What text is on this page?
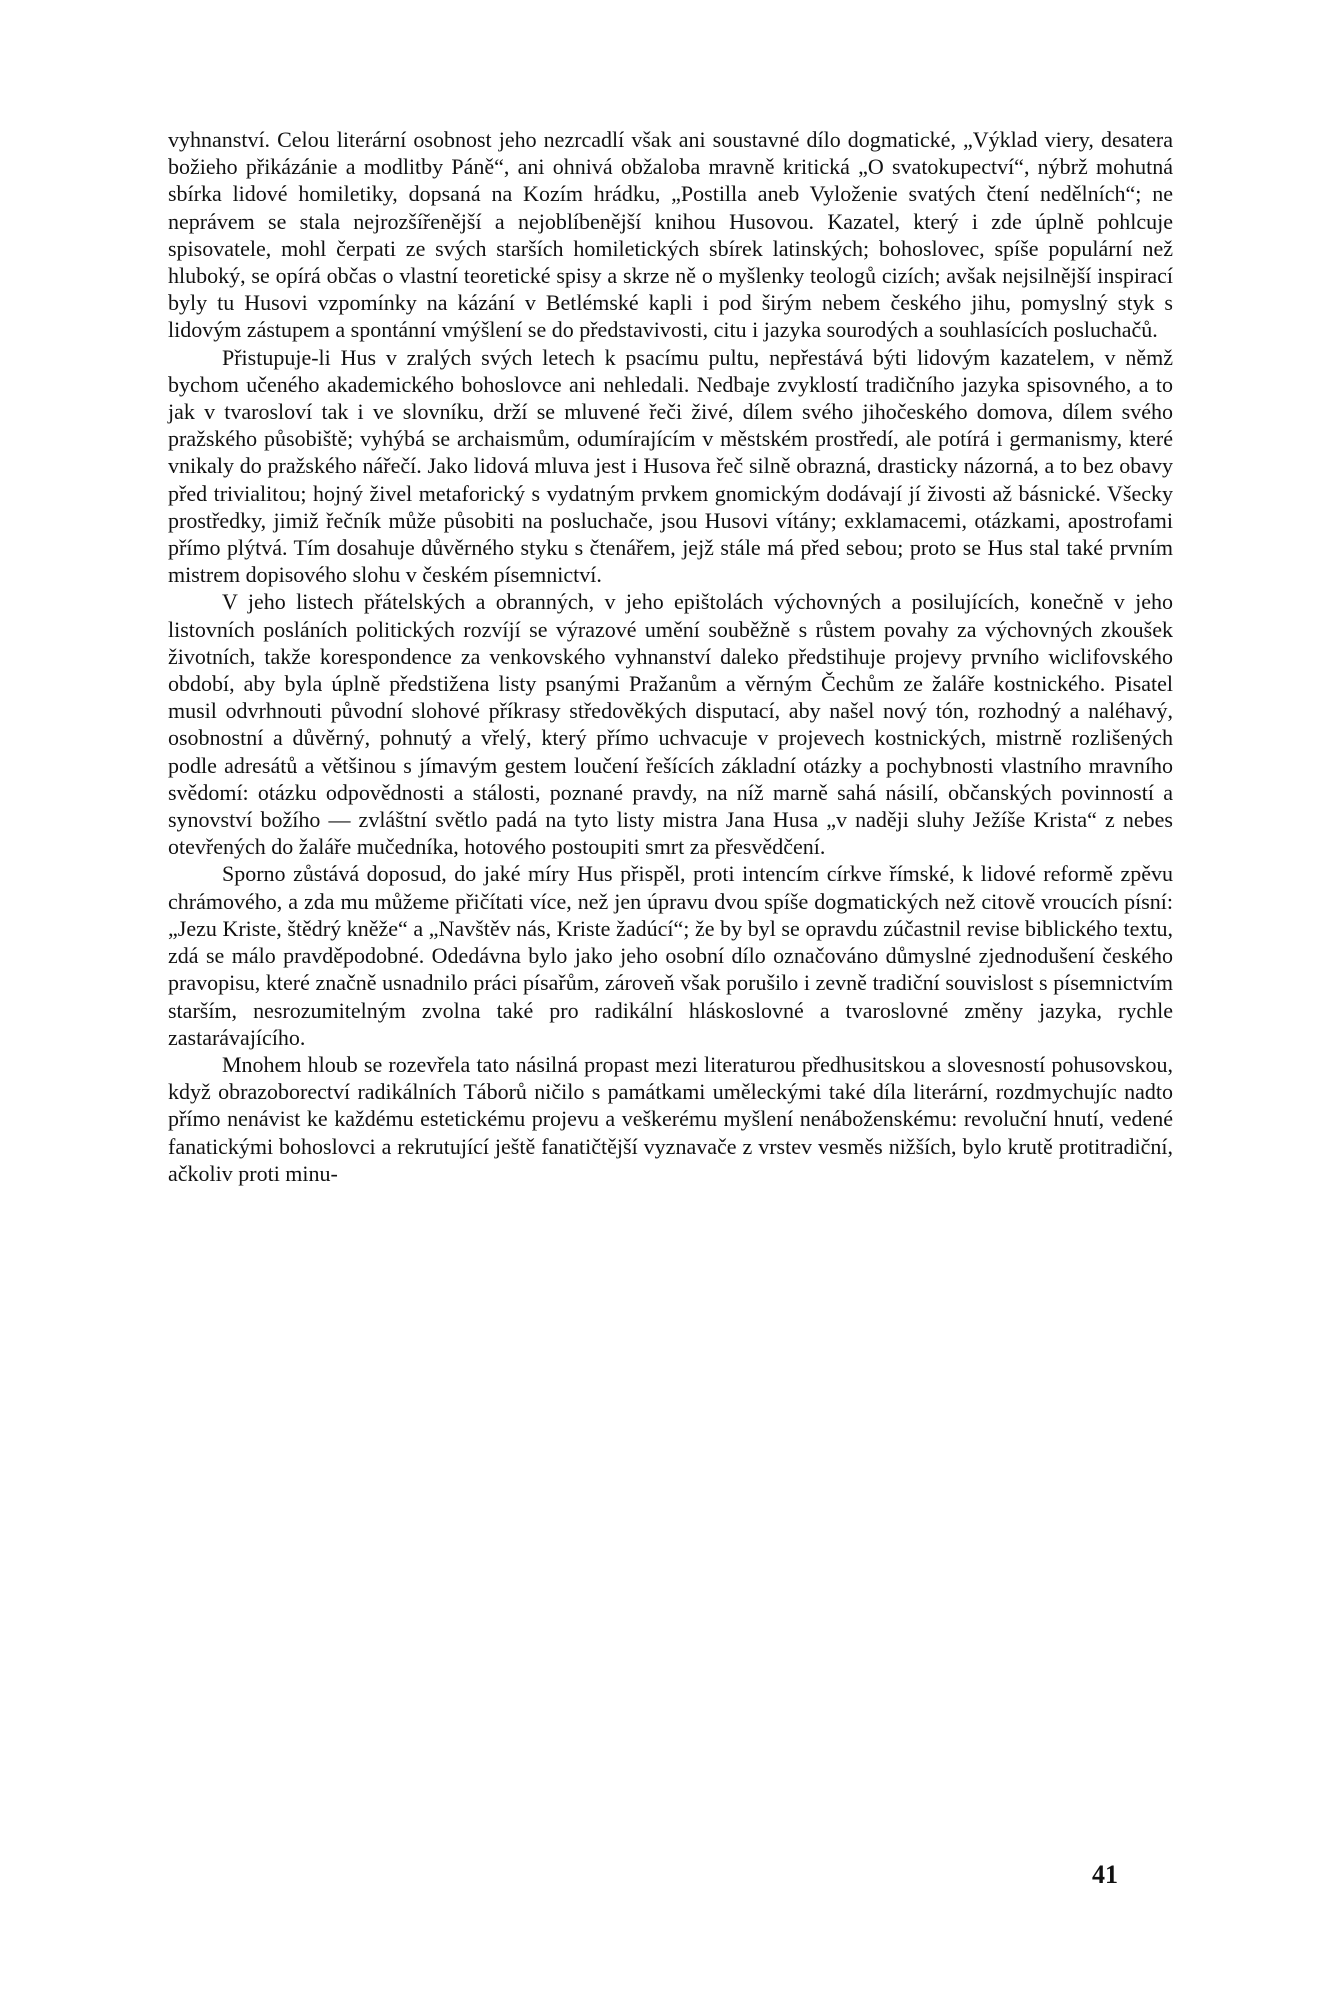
vyhnanství. Celou literární osobnost jeho nezrcadlí však ani soustavné dílo dogmatické, „Výklad viery, desatera božieho přikázánie a modlitby Páně“, ani ohnivá obžaloba mravně kritická „O svatokupectví“, nýbrž mohutná sbírka lidové homiletiky, dopsaná na Kozím hrádku, „Postilla aneb Vyloženie svatých čtení nedělních“; ne neprávem se stala nejrozšířenější a nejoblíbenější knihou Husovou. Kazatel, který i zde úplně pohlcuje spisovatele, mohl čerpati ze svých starších homiletických sbírek latinských; bohoslovec, spíše populární než hluboký, se opírá občas o vlastní teoretické spisy a skrze ně o myšlenky teologů cizích; avšak nejsilnější inspirací byly tu Husovi vzpomínky na kázání v Betlémské kapli i pod širým nebem českého jihu, pomyslný styk s lidovým zástupem a spontánní vmýšlení se do představivosti, citu i jazyka sourodých a souhlasících posluchačů.

Přistupuje-li Hus v zralých svých letech k psacímu pultu, nepřestává býti lidovým kazatelem, v němž bychom učeného akademického bohoslovce ani nehledali. Nedbaje zvyklostí tradičního jazyka spisovného, a to jak v tvarosloví tak i ve slovníku, drží se mluvené řeči živé, dílem svého jihočeského domova, dílem svého pražského působiště; vyhýbá se archaismům, odumírajícím v městském prostředí, ale potírá i germanismy, které vnikaly do pražského nářečí. Jako lidová mluva jest i Husova řeč silně obrazná, drasticky názorná, a to bez obavy před trivialitou; hojný živel metaforický s vydatným prvkem gnomickým dodávají jí živosti až básnické. Všecky prostředky, jimiž řečník může působiti na posluchače, jsou Husovi vítány; exklamacemi, otázkami, apostrofami přímo plýtvá. Tím dosahuje důvěrného styku s čtenářem, jejž stále má před sebou; proto se Hus stal také prvním mistrem dopisového slohu v českém písemnictví.

V jeho listech přátelských a obranných, v jeho epištolách výchovných a posilujících, konečně v jeho listovních posláních politických rozvíjí se výrazové umění souběžně s růstem povahy za výchovných zkoušek životních, takže korespondence za venkovského vyhnanství daleko předstihuje projevy prvního wiclifovského období, aby byla úplně předstižena listy psanými Pražanům a věrným Čechům ze žaláře kostnického. Pisatel musil odvrhnouti původní slohové příkrasy středověkých disputací, aby našel nový tón, rozhodný a naléhavý, osobnostní a důvěrný, pohnutý a vřelý, který přímo uchvacuje v projevech kostnických, mistrně rozlišených podle adresátů a většinou s jímavým gestem loučení řešících základní otázky a pochybnosti vlastního mravního svědomí: otázku odpovědnosti a stálosti, poznané pravdy, na níž marně sahá násilí, občanských povinností a synovství božího — zvláštní světlo padá na tyto listy mistra Jana Husa „v naději sluhy Ježíše Krista“ z nebes otevřených do žaláře mučedníka, hotového postoupiti smrt za přesvědčení.

Sporno zůstává doposud, do jaké míry Hus přispěl, proti intencím církve římské, k lidové reformě zpěvu chrámového, a zda mu můžeme přičítati více, než jen úpravu dvou spíše dogmatických než citově vroucích písní: „Jezu Kriste, štědrý kněže“ a „Navštěv nás, Kriste žadúcí“; že by byl se opravdu zúčastnil revise biblického textu, zdá se málo pravděpodobné. Odedávna bylo jako jeho osobní dílo označováno důmyslné zjednodušení českého pravopisu, které značně usnadnilo práci písařům, zároveň však porušilo i zevně tradiční souvislost s písemnictvím starším, nesrozumitelným zvolna také pro radikální hláskoslovné a tvaroslovné změny jazyka, rychle zastarávajícího.

Mnohem hloub se rozevřela tato násilná propast mezi literaturou předhusitskou a slovesností pohusovskou, když obrazoborectví radikálních Táborů ničilo s památkami uměleckými také díla literární, rozdmychujíc nadto přímo nenávist ke každému estetickému projevu a veškerému myšlení nenáboženskému: revoluční hnutí, vedené fanatickými bohoslovci a rekrutující ještě fanatičtější vyznavače z vrstev vesměs nižších, bylo krutě protitradiční, ačkoliv proti minu-

41
